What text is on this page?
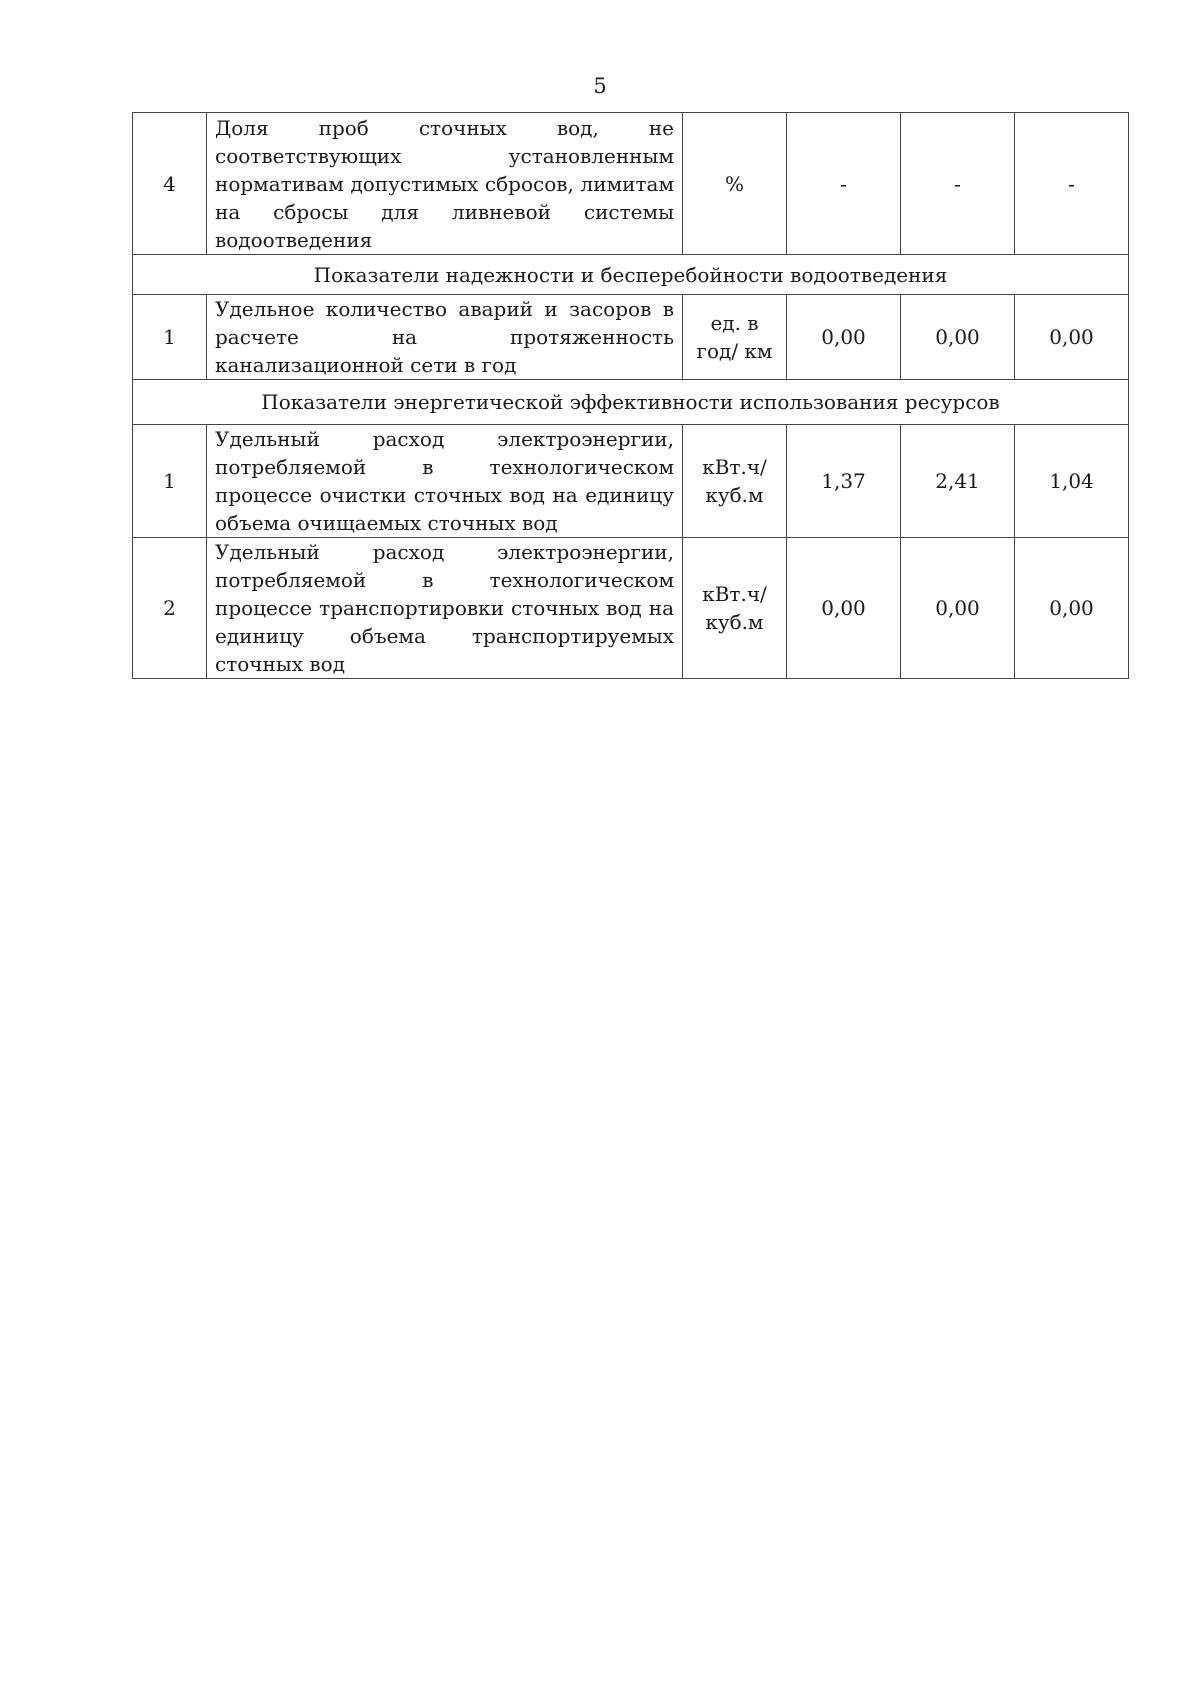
5
4	Доля проб сточных вод, не соответствующих установленным нормативам допустимых сбросов, лимитам на сбросы для ливневой системы водоотведения	%	-	-	-
Показатели надежности и бесперебойности водоотведения					
1	Удельное количество аварий и засоров в расчете на протяженность канализационной сети в год	ед. в год/ км	0,00	0,00	0,00
Показатели энергетической эффективности использования ресурсов					
1	Удельный расход электроэнергии, потребляемой в технологическом процессе очистки сточных вод на единицу объема очищаемых сточных вод	кВт.ч/ куб.м	1,37	2,41	1,04
2	Удельный расход электроэнергии, потребляемой в технологическом процессе транспортировки сточных вод на единицу объема транспортируемых сточных вод	кВт.ч/ куб.м	0,00	0,00	0,00
